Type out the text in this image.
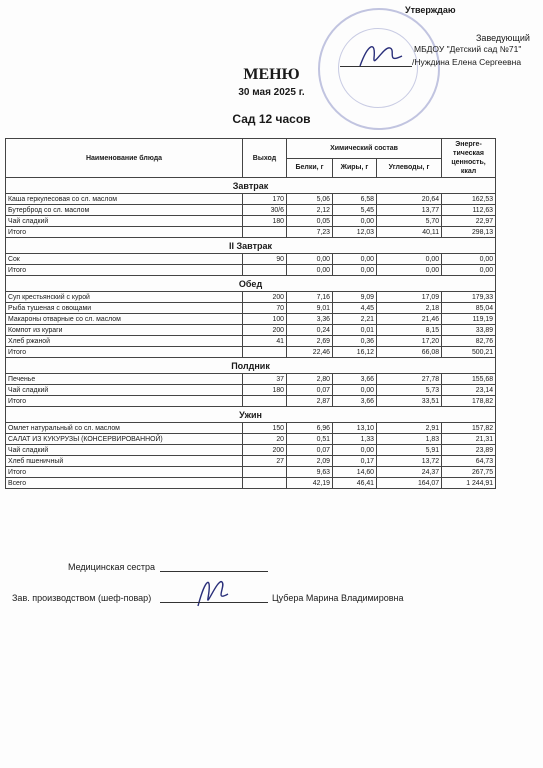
Утверждаю
Заведующий
МБДОУ "Детский сад №71"
/Нуждина Елена Сергеевна
МЕНЮ
30 мая 2025 г.
Сад 12 часов
Наименование блюда	Выход	Химический состав			Энерге-тическая ценность, ккал
		Белки, г	Жиры, г	Углеводы, г	
Завтрак					
Каша геркулесовая со сл. маслом	170	5,06	6,58	20,64	162,53
Бутерброд со сл. маслом	30/6	2,12	5,45	13,77	112,63
Чай сладкий	180	0,05	0,00	5,70	22,97
Итого		7,23	12,03	40,11	298,13
II Завтрак					
Сок	90	0,00	0,00	0,00	0,00
Итого		0,00	0,00	0,00	0,00
Обед					
Суп крестьянский с курой	200	7,16	9,09	17,09	179,33
Рыба тушеная с овощами	70	9,01	4,45	2,18	85,04
Макароны отварные со сл. маслом	100	3,36	2,21	21,46	119,19
Компот из кураги	200	0,24	0,01	8,15	33,89
Хлеб ржаной	41	2,69	0,36	17,20	82,76
Итого		22,46	16,12	66,08	500,21
Полдник					
Печенье	37	2,80	3,66	27,78	155,68
Чай сладкий	180	0,07	0,00	5,73	23,14
Итого		2,87	3,66	33,51	178,82
Ужин					
Омлет натуральный со сл. маслом	150	6,96	13,10	2,91	157,82
САЛАТ ИЗ КУКУРУЗЫ (КОНСЕРВИРОВАННОЙ)	20	0,51	1,33	1,83	21,31
Чай сладкий	200	0,07	0,00	5,91	23,89
Хлеб пшеничный	27	2,09	0,17	13,72	64,73
Итого		9,63	14,60	24,37	267,75
Всего		42,19	46,41	164,07	1 244,91
Медицинская сестра
Зав. производством (шеф-повар)	Цубера Марина Владимировна
